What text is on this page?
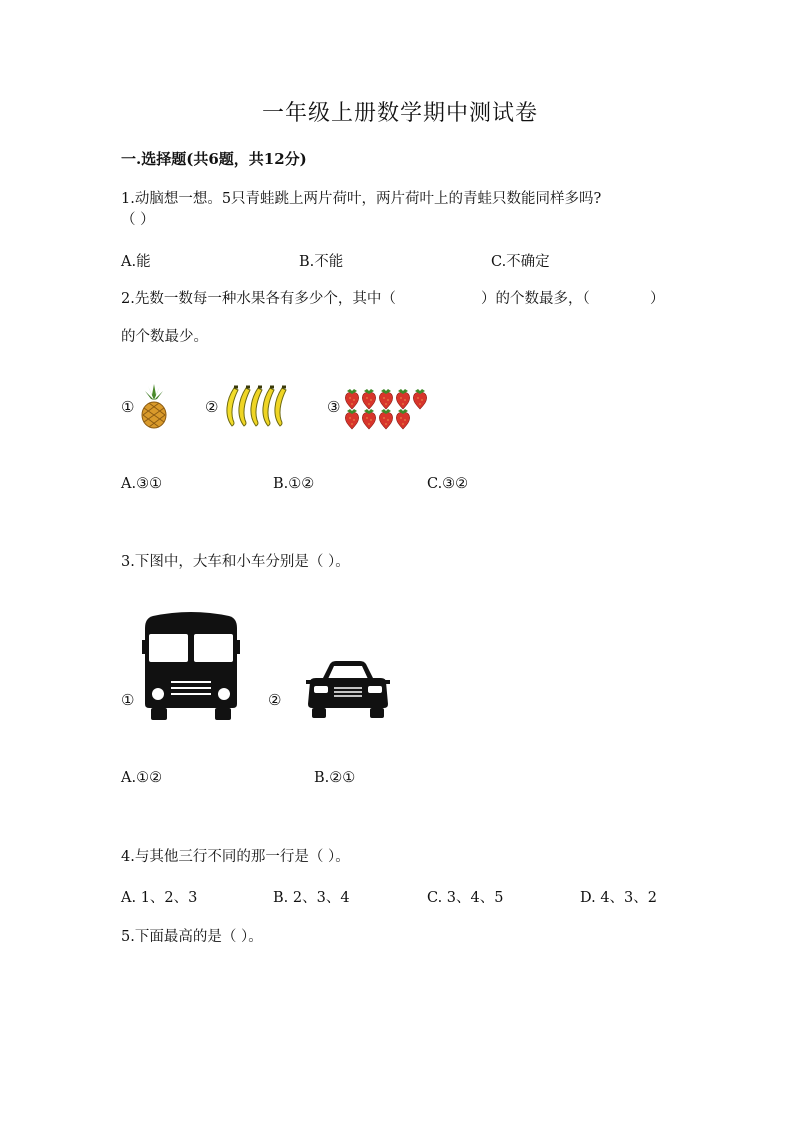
一年级上册数学期中测试卷
一.选择题(共6题，共12分)
1.动脑想一想。5只青蛙跳上两片荷叶，两片荷叶上的青蛙只数能同样多吗?
（ ）
A.能	B.不能	C.不确定
2.先数一数每一种水果各有多少个，其中（	）的个数最多，（	）
的个数最少。
①	②	③
A.③①	B.①②	C.③②
3.下图中，大车和小车分别是（ ）。
①	②
A.①②	B.②①
4.与其他三行不同的那一行是（ ）。
A. 1、2、3	B. 2、3、4	C. 3、4、5	D. 4、3、2
5.下面最高的是（ ）。
